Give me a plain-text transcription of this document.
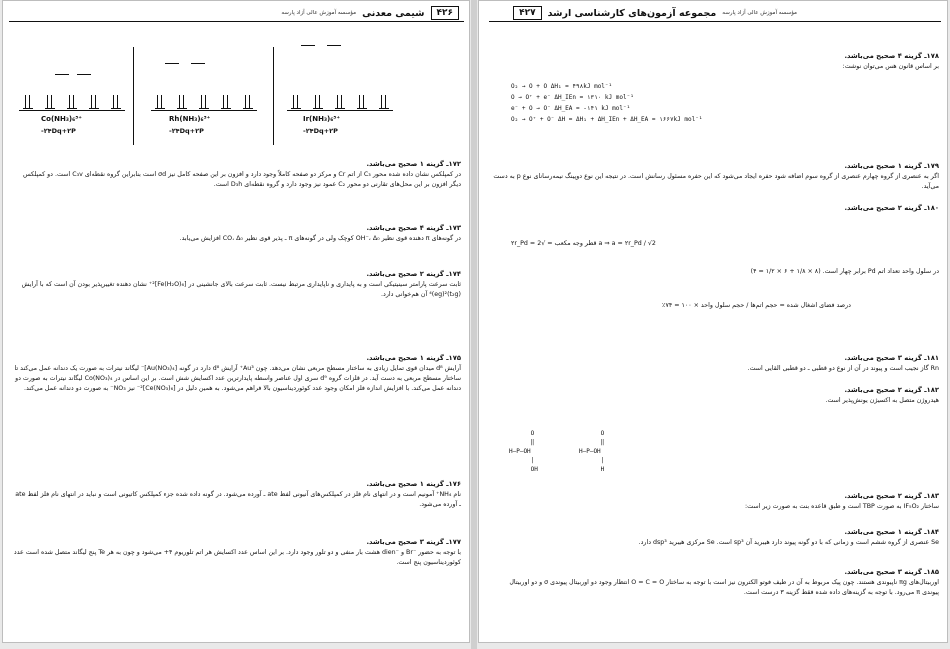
۴۲۶
شیمی معدنی
مؤسسه آموزش عالی آزاد پارسه
Co(NH₃)₆³⁺
-۲۴Dq+۲P
Rh(NH₃)₆³⁺
-۲۴Dq+۲P
Ir(NH₃)₆³⁺
-۲۴Dq+۲P
۱۷۲ـ گزینه ۱ صحیح می‌باشد.

در کمپلکس نشان داده شده محور C₃ از اتم Cr و مرکز دو صفحه کاملاً وجود دارد و افزون بر این صفحه کامل نیز σd است بنابراین گروه نقطه‌ای C₃v است. دو کمپلکس دیگر افزون بر این محل‌های تقارنی دو محور C₂ عمود نیز وجود دارد و گروه نقطه‌ای D₃h است.

۱۷۳ـ گزینه ۴ صحیح می‌باشد.

در گونه‌های π دهنده قوی نظیر OH⁻، Δ₀ کوچک ولی در گونه‌های π ـ پذیر قوی نظیر CO، Δ₀ افزایش می‌یابد.

۱۷۴ـ گزینه ۲ صحیح می‌باشد.

ثابت سرعت پارامتر سینیتیکی است و به پایداری و ناپایداری مرتبط نیست. ثابت سرعت بالای جانشینی در [Fe(H₂O)₆]²⁺ نشان دهنده تغییرپذیر بودن آن است که با آرایش (t₂g)⁴(eg)² آن هم‌خوانی دارد.

۱۷۵ـ گزینه ۱ صحیح می‌باشد.

آرایش d⁸ میدان قوی تمایل زیادی به ساختار مسطح مربعی نشان می‌دهد. چون Au³⁺ آرایش d⁸ دارد در گونه [Au(NO₃)₄]⁻ لیگاند نیترات به صورت یک دندانه عمل می‌کند تا ساختار مسطح مربعی به دست آید. در قلزات گروه d⁹ سری اول عناصر واسطه پایدارترین عدد اکسایش شش است. بر این اساس در Co(NO₃)₄ لیگاند نیترات به صورت دو دندانه عمل می‌کند. با افزایش اندازه فلز امکان وجود عدد کوئوردیناسیون بالا فراهم می‌شود. به همین دلیل در [Ce(NO₃)₆]²⁻ نیز NO₃⁻ به صورت دو دندانه عمل می‌کند.

۱۷۶ـ گزینه ۱ صحیح می‌باشد.

نام NH₄⁺ آمونیم است و در انتهای نام فلز در کمپلکس‌های آنیونی لفظ ate ـ آورده می‌شود. در گونه داده شده جزء کمپلکس کاتیونی است و نباید در انتهای نام فلز لفظ ate ـ آورده می‌شود.

۱۷۷ـ گزینه ۳ صحیح می‌باشد.

با توجه به حضور ⁻Br و ⁻dien هشت بار منفی و دو تلور وجود دارد. بر این اساس عدد اکسایش هر اتم تلوریوم ۴+ می‌شود و چون به هر Te پنج لیگاند متصل شده است عدد کوئوردیناسیون پنج است.

مؤسسه آموزش عالی آزاد پارسه
مجموعه آزمون‌های کارشناسی ارشد
۴۲۷
۱۷۸ـ گزینه ۴ صحیح می‌باشد.

بر اساس قانون هس می‌توان نوشت:

O₂ → O + O ΔH₁ = ۴۹۸kJ mol⁻¹
O → O⁺ + e⁻ ΔH_IEn = ۱۳۱۰ kJ mol⁻¹
e⁻ + O → O⁻ ΔH_EA = -۱۴۱ kJ mol⁻¹
O₂ → O⁺ + O⁻ ΔH = ΔH₁ + ΔH_IEn + ΔH_EA = ۱۶۶۷kJ mol⁻¹
۱۷۹ـ گزینه ۱ صحیح می‌باشد.

اگر به عنصری از گروه چهارم عنصری از گروه سوم اضافه شود حفره ایجاد می‌شود که این حفره مسئول رسانش است. در نتیجه این نوع دوپینگ نیمه‌رسانای نوع p به دست می‌آید.

۱۸۰ـ گزینه ۲ صحیح می‌باشد.
۲r_Pd = قطر وجه مکعب = √2 a ⇒ a = ۲r_Pd / √2
در سلول واحد تعداد اتم Pd برابر چهار است. (۸ × ۱/۸ + ۶ × ۱/۲ = ۴)
درصد فضای اشغال شده = حجم اتم‌ها / حجم سلول واحد × ۱۰۰ = ۷۴٪
۱۸۱ـ گزینه ۳ صحیح می‌باشد.

Rn گاز نجیب است و پیوند در آن از نوع دو قطبی ـ دو قطبی القایی است.

۱۸۲ـ گزینه ۲ صحیح می‌باشد.

هیدروژن متصل به اکسیژن یونش‌پذیر است.

O
‖
H—P—OH
|
OH
O
‖
H—P—OH
|
H
۱۸۳ـ گزینه ۲ صحیح می‌باشد.

ساختار IF₅O₂ به صورت TBP است و طبق قاعده بنت به صورت زیر است:

۱۸۴ـ گزینه ۱ صحیح می‌باشد.

Se عنصری از گروه ششم است و زمانی که با دو گونه پیوند دارد هیبرید آن sp³ است. Se مرکزی هیبرید dsp³ دارد.

۱۸۵ـ گزینه ۳ صحیح می‌باشد.

اوربیتال‌های πg ناپیوندی هستند. چون پیک مربوط به آن در طیف فوتو الکترون نیز است با توجه به ساختار O = C = O انتظار وجود دو اوربیتال پیوندی σ و دو اوربیتال پیوندی π می‌رود. با توجه به گزینه‌های داده شده فقط گزینه ۳ درست است.
